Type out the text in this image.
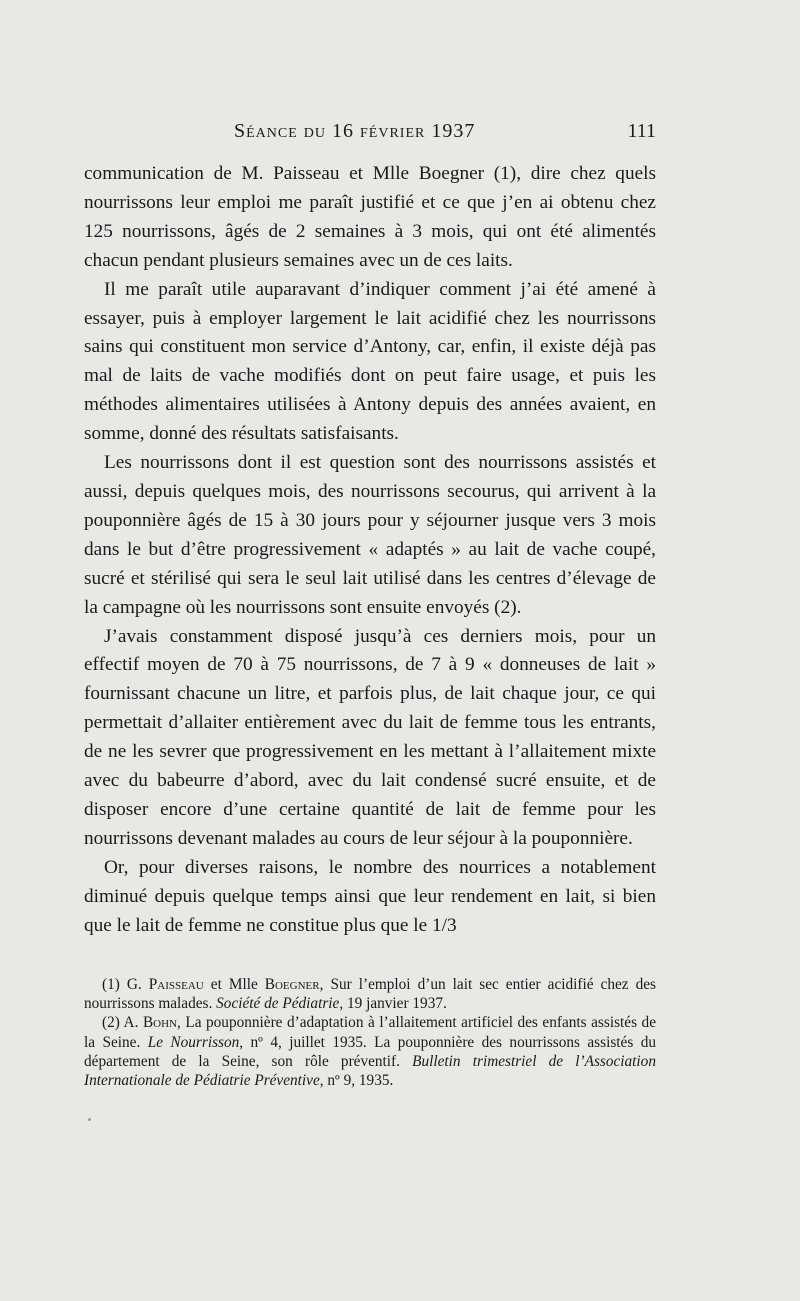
Séance du 16 février 1937	111

communication de M. Paisseau et Mlle Boegner (1), dire chez quels nourrissons leur emploi me paraît justifié et ce que j’en ai obtenu chez 125 nourrissons, âgés de 2 semaines à 3 mois, qui ont été alimentés chacun pendant plusieurs semaines avec un de ces laits.

Il me paraît utile auparavant d’indiquer comment j’ai été amené à essayer, puis à employer largement le lait acidifié chez les nourrissons sains qui constituent mon service d’Antony, car, enfin, il existe déjà pas mal de laits de vache modifiés dont on peut faire usage, et puis les méthodes alimentaires utilisées à Antony depuis des années avaient, en somme, donné des résultats satisfaisants.

Les nourrissons dont il est question sont des nourrissons assistés et aussi, depuis quelques mois, des nourrissons secourus, qui arrivent à la pouponnière âgés de 15 à 30 jours pour y séjourner jusque vers 3 mois dans le but d’être progressivement « adaptés » au lait de vache coupé, sucré et stérilisé qui sera le seul lait utilisé dans les centres d’élevage de la campagne où les nourrissons sont ensuite envoyés (2).

J’avais constamment disposé jusqu’à ces derniers mois, pour un effectif moyen de 70 à 75 nourrissons, de 7 à 9 « donneuses de lait » fournissant chacune un litre, et parfois plus, de lait chaque jour, ce qui permettait d’allaiter entièrement avec du lait de femme tous les entrants, de ne les sevrer que progressivement en les mettant à l’allaitement mixte avec du babeurre d’abord, avec du lait condensé sucré ensuite, et de disposer encore d’une certaine quantité de lait de femme pour les nourrissons devenant malades au cours de leur séjour à la pouponnière.

Or, pour diverses raisons, le nombre des nourrices a notablement diminué depuis quelque temps ainsi que leur rendement en lait, si bien que le lait de femme ne constitue plus que le 1/3

(1) G. Paisseau et Mlle Boegner, Sur l’emploi d’un lait sec entier acidifié chez des nourrissons malades. Société de Pédiatrie, 19 janvier 1937.

(2) A. Bohn, La pouponnière d’adaptation à l’allaitement artificiel des enfants assistés de la Seine. Le Nourrisson, nº 4, juillet 1935. La pouponnière des nourrissons assistés du département de la Seine, son rôle préventif. Bulletin trimestriel de l’Association Internationale de Pédiatrie Préventive, nº 9, 1935.
